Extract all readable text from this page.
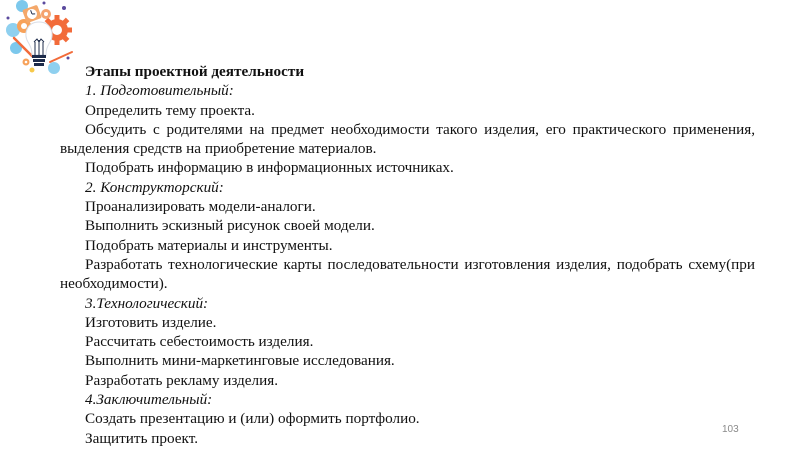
Этапы проектной деятельности

1. Подготовительный:

Определить тему проекта.

Обсудить с родителями на предмет необходимости такого изделия, его практического применения, выделения средств на приобретение материалов.

Подобрать информацию в информационных источниках.

2. Конструкторский:

Проанализировать модели-аналоги.

Выполнить эскизный рисунок своей модели.

Подобрать материалы и инструменты.

Разработать технологические карты последовательности изготовления изделия, подобрать схему(при необходимости).

3.Технологический:

Изготовить изделие.

Рассчитать себестоимость изделия.

Выполнить мини-маркетинговые исследования.

Разработать рекламу изделия.

4.Заключительный:

Создать презентацию и (или) оформить портфолио.

Защитить проект.

103
